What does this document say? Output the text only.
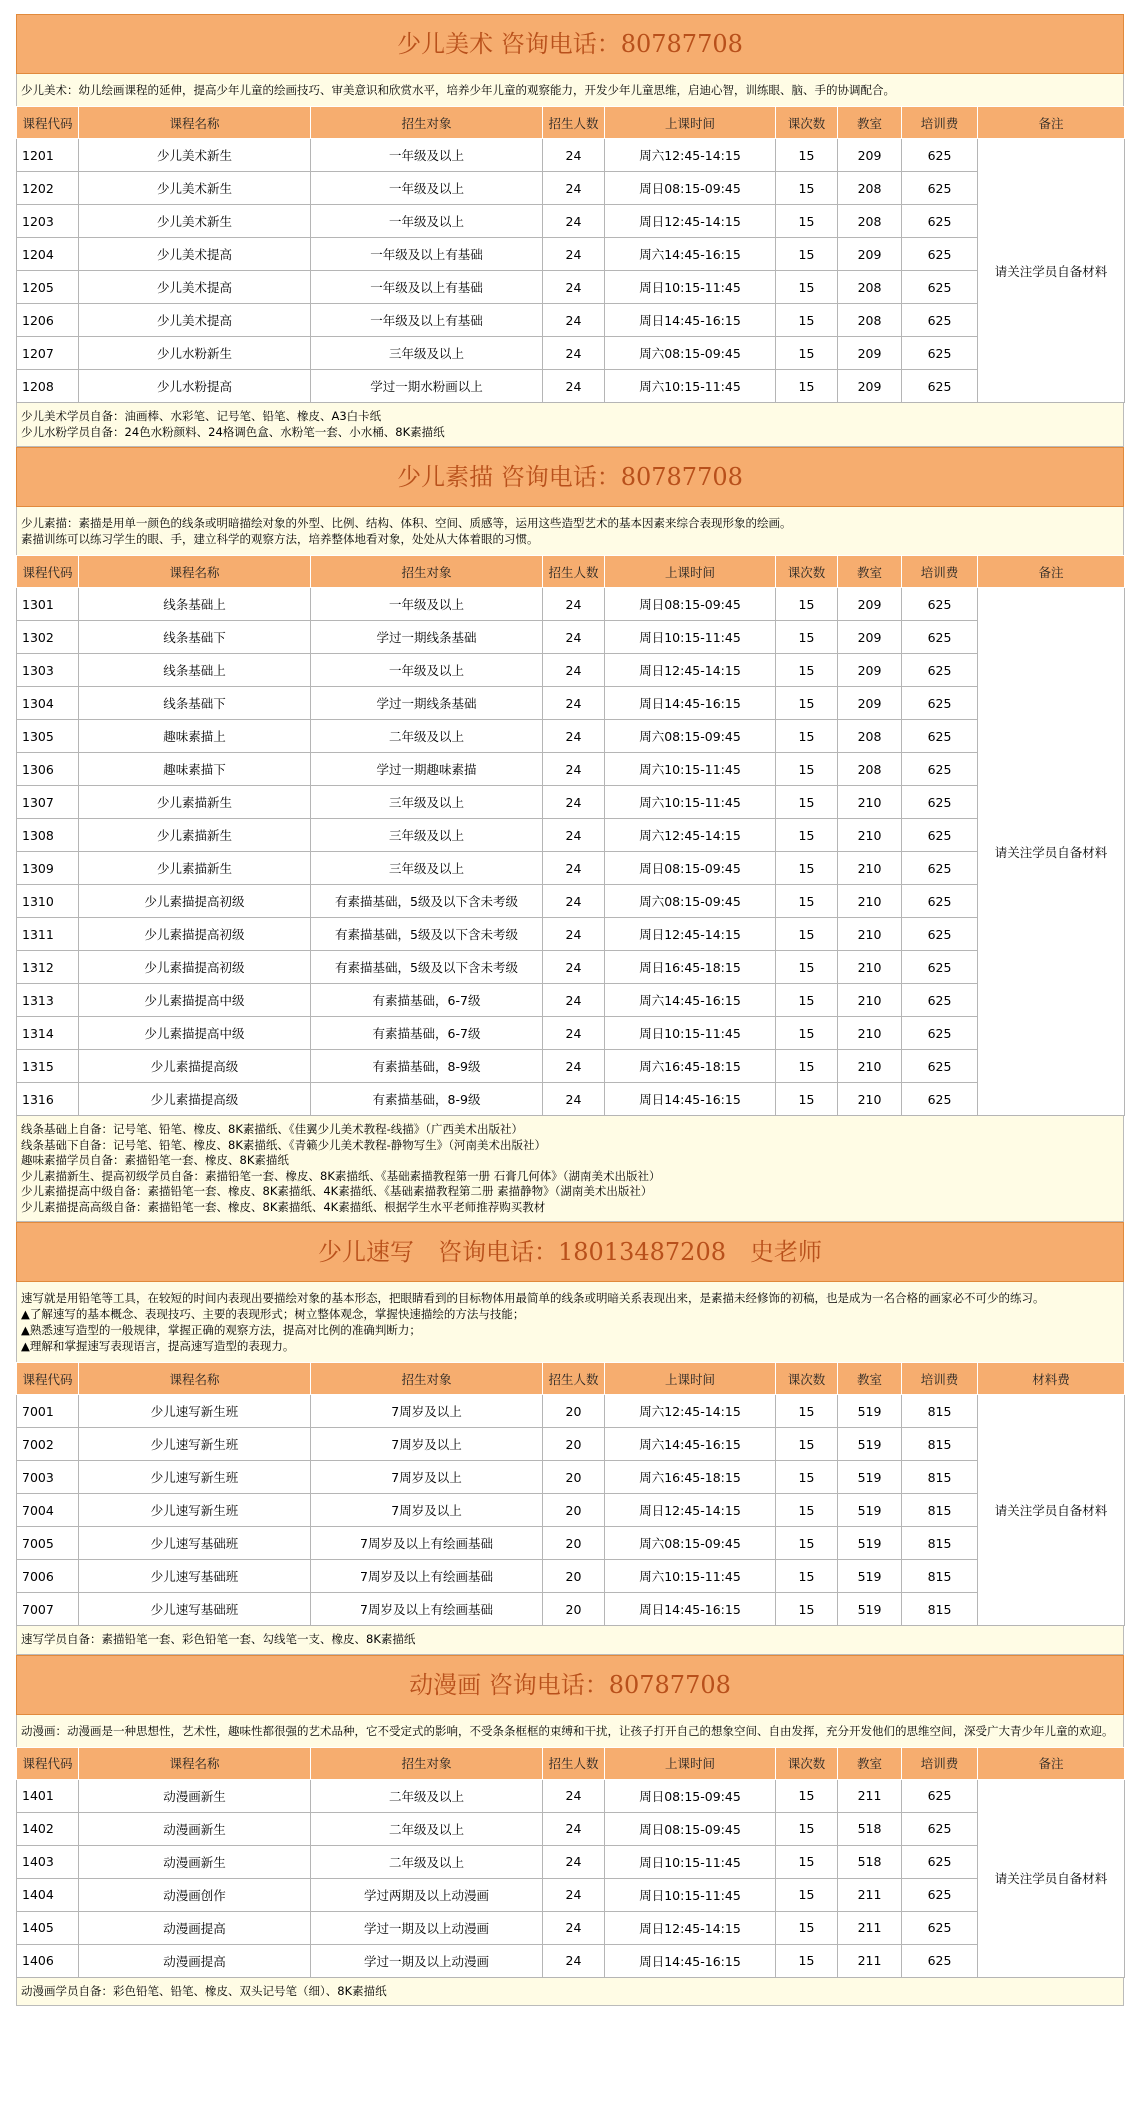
少儿美术 咨询电话：80787708
少儿美术：幼儿绘画课程的延伸，提高少年儿童的绘画技巧、审美意识和欣赏水平，培养少年儿童的观察能力，开发少年儿童思维，启迪心智，训练眼、脑、手的协调配合。
课程代码	课程名称	招生对象	招生人数	上课时间	课次数	教室	培训费	备注
1201	少儿美术新生	一年级及以上	24	周六12:45-14:15	15	209	625	请关注学员自备材料
1202	少儿美术新生	一年级及以上	24	周日08:15-09:45	15	208	625	
1203	少儿美术新生	一年级及以上	24	周日12:45-14:15	15	208	625	
1204	少儿美术提高	一年级及以上有基础	24	周六14:45-16:15	15	209	625	
1205	少儿美术提高	一年级及以上有基础	24	周日10:15-11:45	15	208	625	
1206	少儿美术提高	一年级及以上有基础	24	周日14:45-16:15	15	208	625	
1207	少儿水粉新生	三年级及以上	24	周六08:15-09:45	15	209	625	
1208	少儿水粉提高	学过一期水粉画以上	24	周六10:15-11:45	15	209	625	
少儿美术学员自备：油画棒、水彩笔、记号笔、铅笔、橡皮、A3白卡纸
少儿水粉学员自备：24色水粉颜料、24格调色盒、水粉笔一套、小水桶、8K素描纸
少儿素描 咨询电话：80787708
少儿素描：素描是用单一颜色的线条或明暗描绘对象的外型、比例、结构、体积、空间、质感等，运用这些造型艺术的基本因素来综合表现形象的绘画。
素描训练可以练习学生的眼、手，建立科学的观察方法，培养整体地看对象，处处从大体着眼的习惯。
课程代码	课程名称	招生对象	招生人数	上课时间	课次数	教室	培训费	备注
1301	线条基础上	一年级及以上	24	周日08:15-09:45	15	209	625	请关注学员自备材料
1302	线条基础下	学过一期线条基础	24	周日10:15-11:45	15	209	625	
1303	线条基础上	一年级及以上	24	周日12:45-14:15	15	209	625	
1304	线条基础下	学过一期线条基础	24	周日14:45-16:15	15	209	625	
1305	趣味素描上	二年级及以上	24	周六08:15-09:45	15	208	625	
1306	趣味素描下	学过一期趣味素描	24	周六10:15-11:45	15	208	625	
1307	少儿素描新生	三年级及以上	24	周六10:15-11:45	15	210	625	
1308	少儿素描新生	三年级及以上	24	周六12:45-14:15	15	210	625	
1309	少儿素描新生	三年级及以上	24	周日08:15-09:45	15	210	625	
1310	少儿素描提高初级	有素描基础，5级及以下含未考级	24	周六08:15-09:45	15	210	625	
1311	少儿素描提高初级	有素描基础，5级及以下含未考级	24	周日12:45-14:15	15	210	625	
1312	少儿素描提高初级	有素描基础，5级及以下含未考级	24	周日16:45-18:15	15	210	625	
1313	少儿素描提高中级	有素描基础，6-7级	24	周六14:45-16:15	15	210	625	
1314	少儿素描提高中级	有素描基础，6-7级	24	周日10:15-11:45	15	210	625	
1315	少儿素描提高级	有素描基础，8-9级	24	周六16:45-18:15	15	210	625	
1316	少儿素描提高级	有素描基础，8-9级	24	周日14:45-16:15	15	210	625	
线条基础上自备：记号笔、铅笔、橡皮、8K素描纸、《佳翼少儿美术教程-线描》（广西美术出版社）
线条基础下自备：记号笔、铅笔、橡皮、8K素描纸、《青籁少儿美术教程-静物写生》（河南美术出版社）
趣味素描学员自备：素描铅笔一套、橡皮、8K素描纸
少儿素描新生、提高初级学员自备：素描铅笔一套、橡皮、8K素描纸、《基础素描教程第一册 石膏几何体》（湖南美术出版社）
少儿素描提高中级自备：素描铅笔一套、橡皮、8K素描纸、4K素描纸、《基础素描教程第二册 素描静物》（湖南美术出版社）
少儿素描提高高级自备：素描铅笔一套、橡皮、8K素描纸、4K素描纸、根据学生水平老师推荐购买教材
少儿速写　咨询电话：18013487208　史老师
速写就是用铅笔等工具，在较短的时间内表现出要描绘对象的基本形态，把眼睛看到的目标物体用最简单的线条或明暗关系表现出来，是素描未经修饰的初稿，也是成为一名合格的画家必不可少的练习。
▲了解速写的基本概念、表现技巧、主要的表现形式；树立整体观念，掌握快速描绘的方法与技能；
▲熟悉速写造型的一般规律，掌握正确的观察方法，提高对比例的准确判断力；
▲理解和掌握速写表现语言，提高速写造型的表现力。
课程代码	课程名称	招生对象	招生人数	上课时间	课次数	教室	培训费	材料费
7001	少儿速写新生班	7周岁及以上	20	周六12:45-14:15	15	519	815	请关注学员自备材料
7002	少儿速写新生班	7周岁及以上	20	周六14:45-16:15	15	519	815	
7003	少儿速写新生班	7周岁及以上	20	周六16:45-18:15	15	519	815	
7004	少儿速写新生班	7周岁及以上	20	周日12:45-14:15	15	519	815	
7005	少儿速写基础班	7周岁及以上有绘画基础	20	周六08:15-09:45	15	519	815	
7006	少儿速写基础班	7周岁及以上有绘画基础	20	周六10:15-11:45	15	519	815	
7007	少儿速写基础班	7周岁及以上有绘画基础	20	周日14:45-16:15	15	519	815	
速写学员自备：素描铅笔一套、彩色铅笔一套、勾线笔一支、橡皮、8K素描纸
动漫画 咨询电话：80787708
动漫画：动漫画是一种思想性，艺术性，趣味性都很强的艺术品种，它不受定式的影响，不受条条框框的束缚和干扰，让孩子打开自己的想象空间、自由发挥，充分开发他们的思维空间，深受广大青少年儿童的欢迎。
课程代码	课程名称	招生对象	招生人数	上课时间	课次数	教室	培训费	备注
1401	动漫画新生	二年级及以上	24	周日08:15-09:45	15	211	625	请关注学员自备材料
1402	动漫画新生	二年级及以上	24	周日08:15-09:45	15	518	625	
1403	动漫画新生	二年级及以上	24	周日10:15-11:45	15	518	625	
1404	动漫画创作	学过两期及以上动漫画	24	周日10:15-11:45	15	211	625	
1405	动漫画提高	学过一期及以上动漫画	24	周日12:45-14:15	15	211	625	
1406	动漫画提高	学过一期及以上动漫画	24	周日14:45-16:15	15	211	625	
动漫画学员自备：彩色铅笔、铅笔、橡皮、双头记号笔（细）、8K素描纸
